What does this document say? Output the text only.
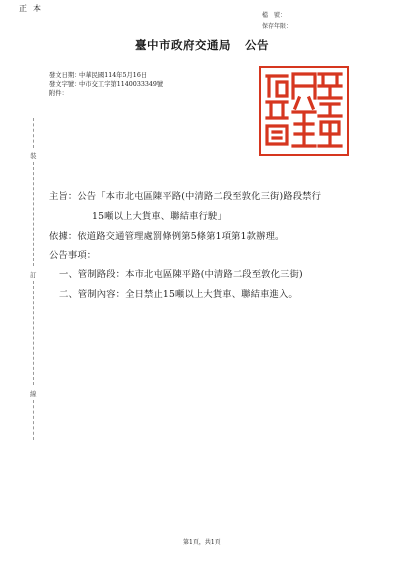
正本
檔　號：
保存年限：
臺中市政府交通局 公告
發文日期：中華民國114年5月16日
發文字號：中市交工字第1140033349號
附件：
裝
訂
線
主旨：公告「本市北屯區陳平路(中清路二段至敦化三街)路段禁行
15噸以上大貨車、聯結車行駛」
依據：依道路交通管理處罰條例第5條第1項第1款辦理。
公告事項：
一、管制路段：本市北屯區陳平路(中清路二段至敦化三街)
二、管制內容：全日禁止15噸以上大貨車、聯結車進入。
第1頁，共1頁
